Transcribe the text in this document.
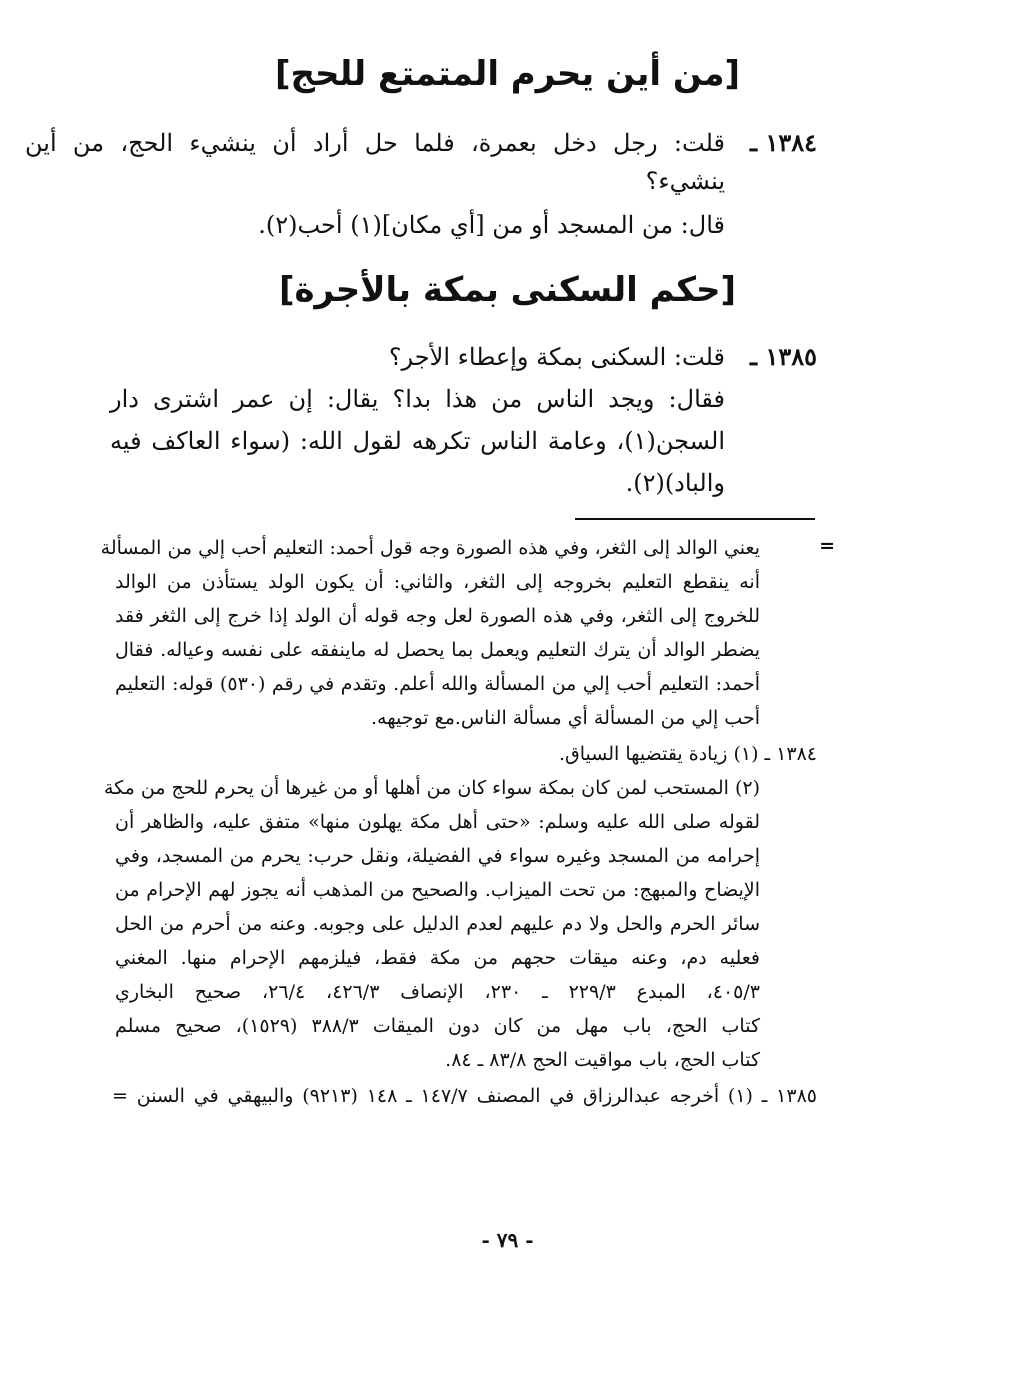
[من أين يحرم المتمتع للحج]
١٣٨٤ ـ
قلت: رجل دخل بعمرة، فلما حل أراد أن ينشيء الحج، من أين
ينشيء؟
قال: من المسجد أو من [أي مكان](١) أحب(٢).
[حكم السكنى بمكة بالأجرة]
١٣٨٥ ـ
قلت: السكنى بمكة وإعطاء الأجر؟
فقال: ويجد الناس من هذا بدا؟ يقال: إن عمر اشترى دار
السجن(١)، وعامة الناس تكرهه لقول الله: (سواء العاكف فيه
والباد)(٢).
=
يعني الوالد إلى الثغر، وفي هذه الصورة وجه قول أحمد: التعليم أحب إلي من المسألة
أنه ينقطع التعليم بخروجه إلى الثغر، والثاني: أن يكون الولد يستأذن من الوالد
للخروج إلى الثغر، وفي هذه الصورة لعل وجه قوله أن الولد إذا خرج إلى الثغر فقد
يضطر الوالد أن يترك التعليم ويعمل بما يحصل له ماينفقه على نفسه وعياله. فقال
أحمد: التعليم أحب إلي من المسألة والله أعلم. وتقدم في رقم (٥٣٠) قوله: التعليم
أحب إلي من المسألة أي مسألة الناس.مع توجيهه.
١٣٨٤ ـ (١) زيادة يقتضيها السياق.
(٢) المستحب لمن كان بمكة سواء كان من أهلها أو من غيرها أن يحرم للحج من مكة
لقوله صلى الله عليه وسلم: «حتى أهل مكة يهلون منها» متفق عليه، والظاهر أن
إحرامه من المسجد وغيره سواء في الفضيلة، ونقل حرب: يحرم من المسجد، وفي
الإيضاح والمبهج: من تحت الميزاب. والصحيح من المذهب أنه يجوز لهم الإحرام من
سائر الحرم والحل ولا دم عليهم لعدم الدليل على وجوبه. وعنه من أحرم من الحل
فعليه دم، وعنه ميقات حجهم من مكة فقط، فيلزمهم الإحرام منها. المغني
٤٠٥/٣، المبدع ٢٢٩/٣ ـ ٢٣٠، الإنصاف ٤٢٦/٣، ٢٦/٤، صحيح البخاري
كتاب الحج، باب مهل من كان دون الميقات ٣٨٨/٣ (١٥٢٩)، صحيح مسلم
كتاب الحج، باب مواقيت الحج ٨٣/٨ ـ ٨٤.
١٣٨٥ ـ (١) أخرجه عبدالرزاق في المصنف ١٤٧/٧ ـ ١٤٨ (٩٢١٣) والبيهقي في السنن =
- ٧٩ -
